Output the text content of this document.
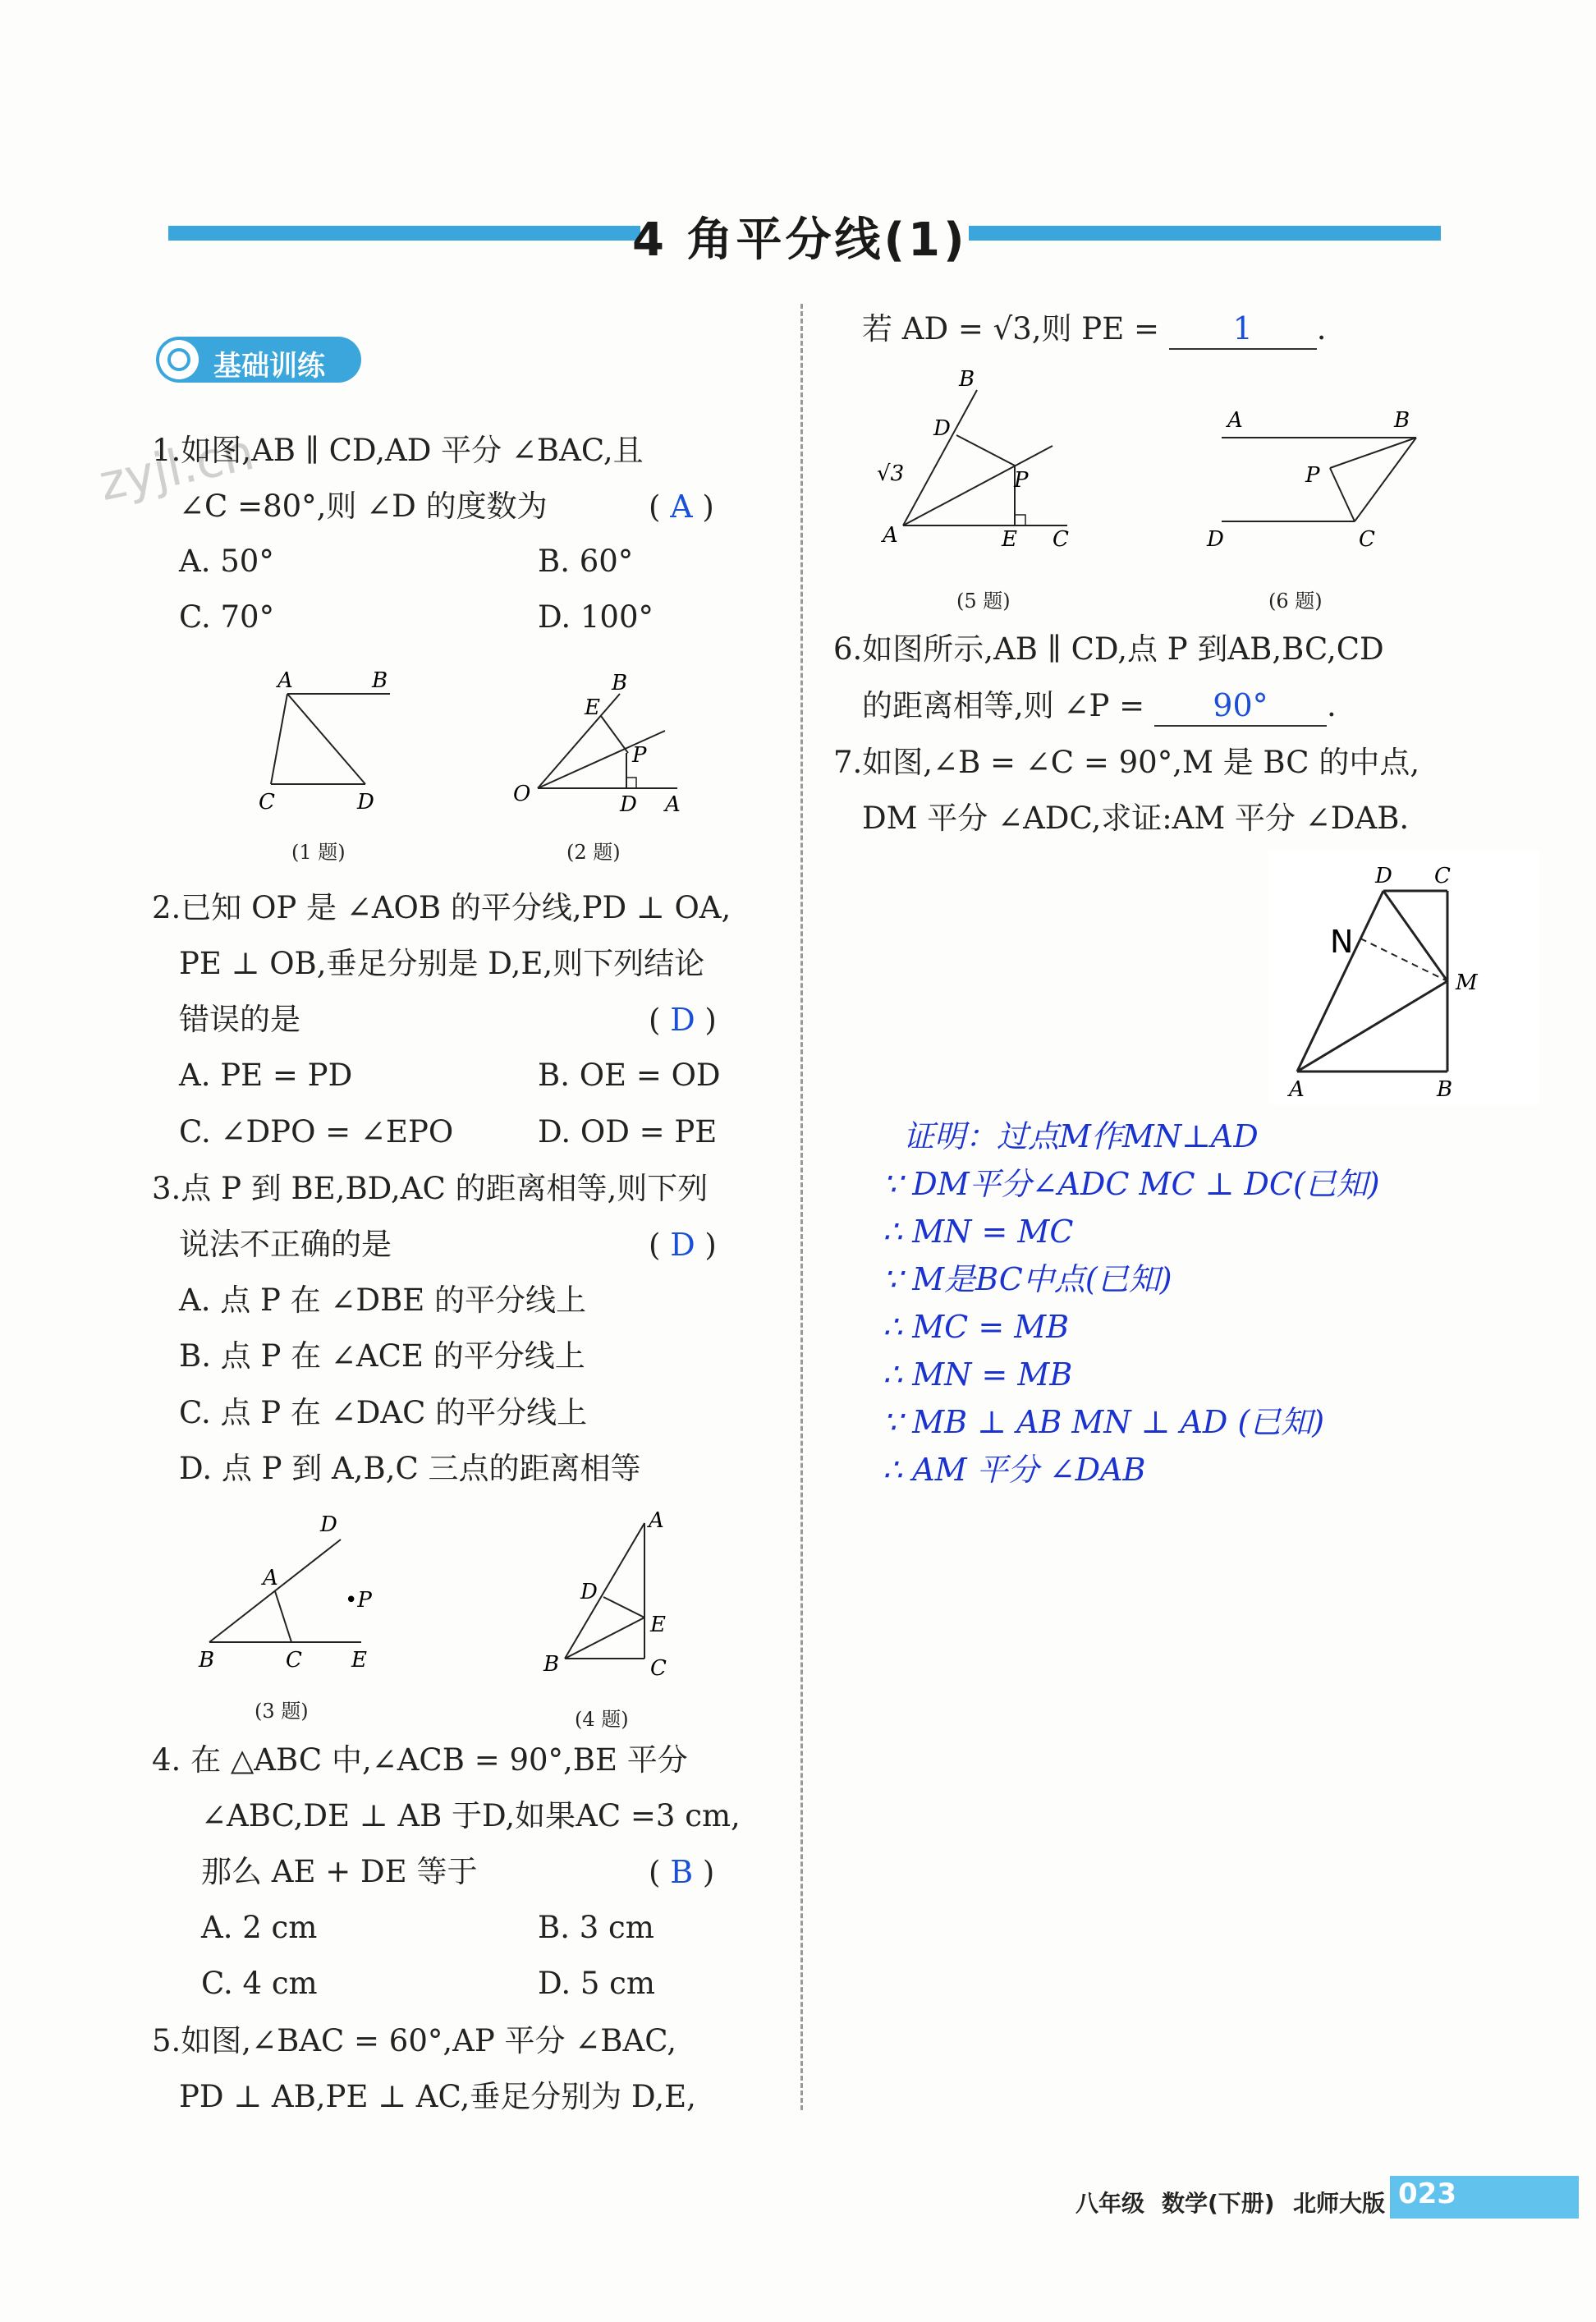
4 角平分线(1)
zyjl.cn
基础训练
1.如图,AB ∥ CD,AD 平分 ∠BAC,且
∠C =80°,则 ∠D 的度数为	( A )
A. 50°	B. 60°
C. 70°	D. 100°
A	B
C	D
(1 题)
B
E
P
O	D A
(2 题)
2.已知 OP 是 ∠AOB 的平分线,PD ⊥ OA,
PE ⊥ OB,垂足分别是 D,E,则下列结论
错误的是	( D )
A. PE = PD	B. OE = OD
C. ∠DPO = ∠EPO	D. OD = PE
3.点 P 到 BE,BD,AC 的距离相等,则下列
说法不正确的是	( D )
A. 点 P 在 ∠DBE 的平分线上
B. 点 P 在 ∠ACE 的平分线上
C. 点 P 在 ∠DAC 的平分线上
D. 点 P 到 A,B,C 三点的距离相等
D
A
•P
B	C E
(3 题)
A
D
E
B	C
(4 题)
4. 在 △ABC 中,∠ACB = 90°,BE 平分
∠ABC,DE ⊥ AB 于D,如果AC =3 cm,
那么 AE + DE 等于	( B )
A. 2 cm	B. 3 cm
C. 4 cm	D. 5 cm
5.如图,∠BAC = 60°,AP 平分 ∠BAC,
PD ⊥ AB,PE ⊥ AC,垂足分别为 D,E,
若 AD = √3,则 PE = 1 .
B
D
√3	P
A	E C
(5 题)
A	B
P
D	C
(6 题)
6.如图所示,AB ∥ CD,点 P 到AB,BC,CD
的距离相等,则 ∠P = 90° .
7.如图,∠B = ∠C = 90°,M 是 BC 的中点,
DM 平分 ∠ADC,求证:AM 平分 ∠DAB.
D C
N
M
A	B
证明：过点M作MN⊥AD
∵ DM平分∠ADC MC ⊥ DC(已知)
∴ MN = MC
∵ M是BC中点(已知)
∴ MC = MB
∴ MN = MB
∵ MB ⊥ AB MN ⊥ AD (已知)
∴ AM 平分 ∠DAB
八年级 数学(下册) 北师大版 023
